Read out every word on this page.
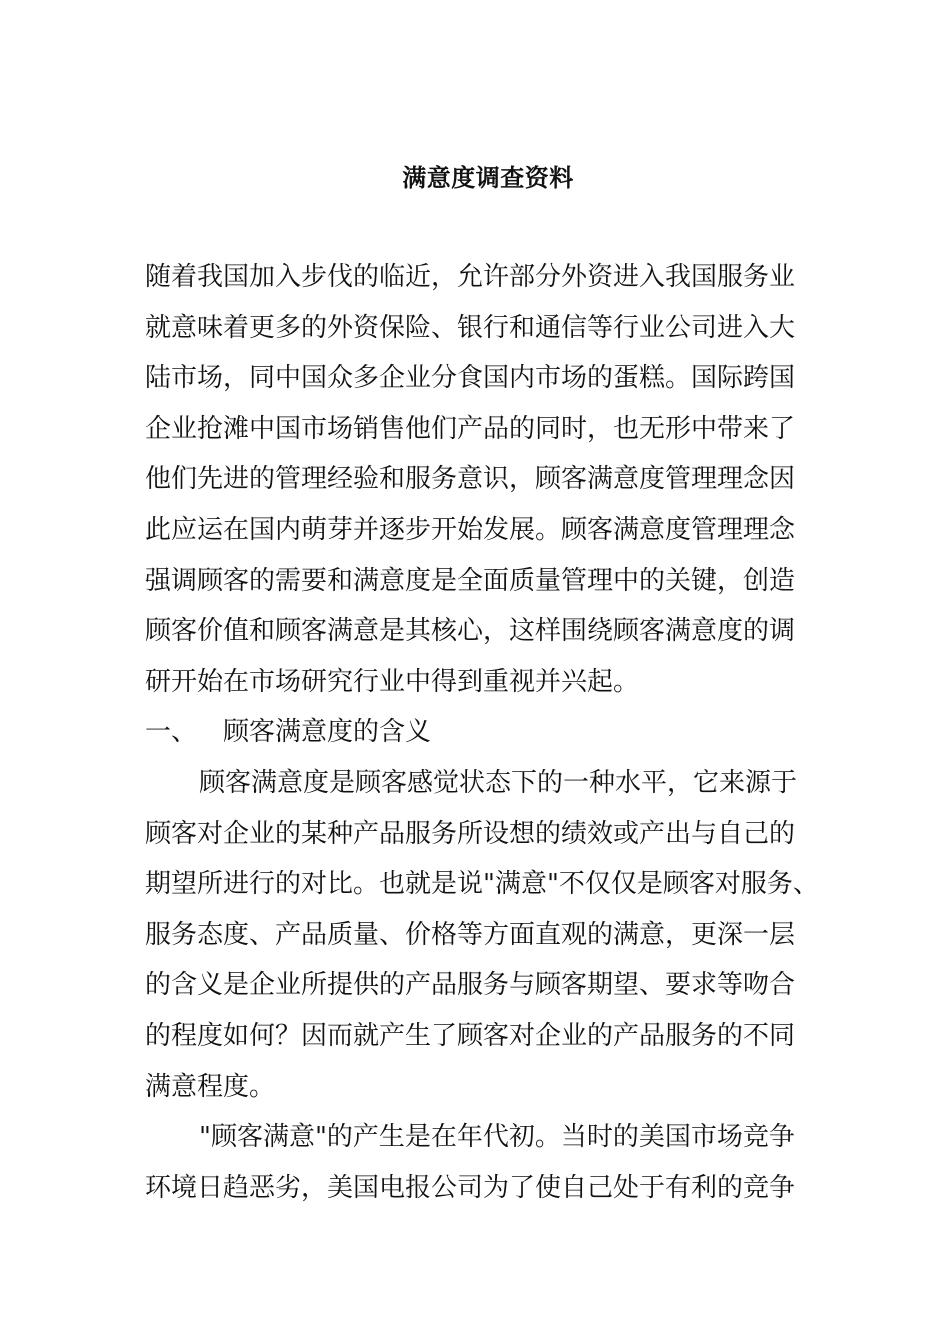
满意度调查资料
随着我国加入步伐的临近，允许部分外资进入我国服务业
就意味着更多的外资保险、银行和通信等行业公司进入大
陆市场，同中国众多企业分食国内市场的蛋糕。国际跨国
企业抢滩中国市场销售他们产品的同时，也无形中带来了
他们先进的管理经验和服务意识，顾客满意度管理理念因
此应运在国内萌芽并逐步开始发展。顾客满意度管理理念
强调顾客的需要和满意度是全面质量管理中的关键，创造
顾客价值和顾客满意是其核心，这样围绕顾客满意度的调
研开始在市场研究行业中得到重视并兴起。
一、 顾客满意度的含义
顾客满意度是顾客感觉状态下的一种水平，它来源于
顾客对企业的某种产品服务所设想的绩效或产出与自己的
期望所进行的对比。也就是说"满意"不仅仅是顾客对服务、
服务态度、产品质量、价格等方面直观的满意，更深一层
的含义是企业所提供的产品服务与顾客期望、要求等吻合
的程度如何？因而就产生了顾客对企业的产品服务的不同
满意程度。
"顾客满意"的产生是在年代初。当时的美国市场竞争
环境日趋恶劣，美国电报公司为了使自己处于有利的竞争
